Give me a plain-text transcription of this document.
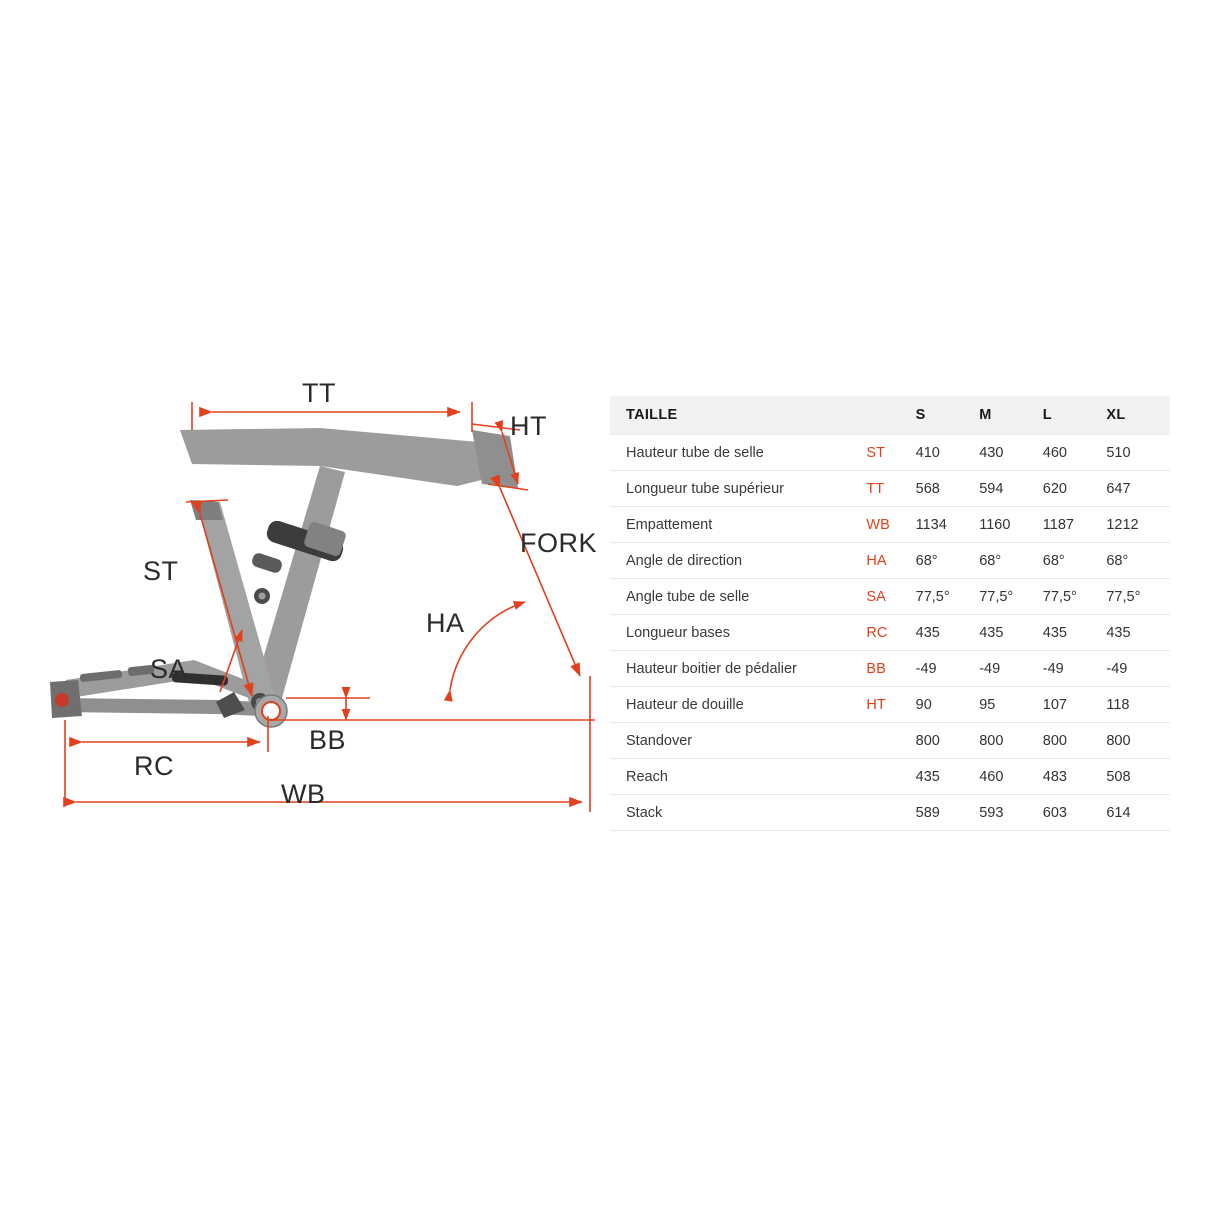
TT
HT
FORK
ST
HA
SA
BB
RC
WB
TAILLE		S	M	L	XL
Hauteur tube de selle	ST	410	430	460	510
Longueur tube supérieur	TT	568	594	620	647
Empattement	WB	1134	1160	1187	1212
Angle de direction	HA	68°	68°	68°	68°
Angle tube de selle	SA	77,5°	77,5°	77,5°	77,5°
Longueur bases	RC	435	435	435	435
Hauteur boitier de pédalier	BB	-49	-49	-49	-49
Hauteur de douille	HT	90	95	107	118
Standover		800	800	800	800
Reach		435	460	483	508
Stack		589	593	603	614
